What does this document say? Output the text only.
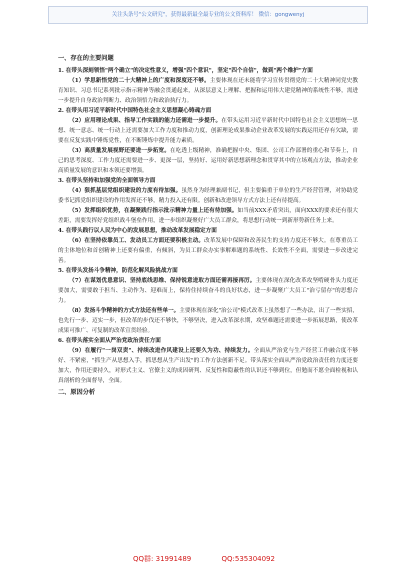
关注头条号"公文研究"，获得最新最全最专业的公文资料库！ 微信：gongwenyj
一、存在的主要问题
1. 在带头深刻领悟"两个确立"的决定性意义，增强"四个意识"，坚定"四个自信"，做到"两个维护"方面

（1）学思新悟党的二十大精神上的广度和深度还不够。主要体现在还未能将学习宣传贯彻党的二十大精神同党史教育知识、习总书记系列批示指示精神等融会贯通起来，从深层意义上理解、把握和运用伟大建党精神的系统性不够，需进一步提升自身政治判断力、政治领悟力和政治执行力。

2. 在带头用习近平新时代中国特色社会主义思想凝心铸魂方面

（2）应用理论成果、指导工作实践的能力还需进一步提升。在带头运用习近平新时代中国特色社会主义思想统一思想、统一意志、统一行动上还需要加大工作力度和推动力度，创新理论成果推动企业改革发展的实践运用还存有欠缺，需要在反复实践中锤炼党性，在不断锤炼中提升能力素质。

（3）高质量发展视野还要进一步拓宽。在吃透上级精神，准确把握中央、集团、公司工作部署的重心和节奏上，自己的思考深度、工作力度还需要进一步、更深一层，坚持好、运用好新思想新理念和贯穿其中的立场观点方法，推动企业高质量发展的意识和本领还要增强。

3. 在带头坚持和加强党的全面领导方面

（4）狠抓基层党组织建设的力度有待加强。虽然身为经理兼副书记，但主要偏重于单位的生产经营管理，对协助党委书记抓党组织建设的作用发挥还不够，精力投入还有限。创新和改进领导方式方法上还有待提高。

（5）发挥组织优势，在凝聚践行指示批示精神力量上还有待加强。如当前XXX矛盾突出，面向XXX的要求还有很大差距，需要发挥好党组织战斗堡垒作用，进一步组织凝聚好广大员工群众，将思想行动统一到新形势新任务上来。

4. 在带头践行以人民为中心的发展思想，推动改革发展稳定方面

（6）在坚持依靠员工、发动员工方面还要积极主动。改革发展中保障和改善民生的支持力度还不够大。在尊重员工的主体地位和首创精神上还要有偏重，有倾斜，为员工群众办实事解难题的系统性、长效性不全面，需要进一步改进完善。

5. 在带头发扬斗争精神，防范化解风险挑战方面

（7）在谋划优患意识、坚持底线思维、保持锐意进取方面还需再接再厉。主要体现在深化改革攻坚啃硬骨头力度还要加大，需要敢于担当、主动作为、迎难而上，保持住持续奋斗的良好状态，进一步凝聚广大员工"治亏留存"的思想合力。

（8）发扬斗争精神的方式方法还有些单一。主要体现在深化"治公司"模式改革上虽然想了一些办法，出了一些实招，也先行一步、迈实一步，但改革的步伐还不够快，不够坚决，进入改革深水期，攻坚难题还需要进一步拓展思路，使改革成果可推广、可复制的改革宣贯经验。

6. 在带头落实全面从严治党政治责任方面

（9）在履行"一岗双责"、持续改进作风建设上还要久为功、持续发力。全面从严治党与生产经营工作融合度不够好、不紧密，"抓生产从思想入手，抓思想从生产出发"的工作方法创新不足。带头落实全面从严治党政治责任的力度还要加大，作用还要持久，对形式主义、官僚主义的成因研判、反复性和隐蔽性的认识还不够到位，但勉而不愿全面检视和认真剖析的全面督导，全面。

二、原因分析
QQ群: 31991489	QQ:535304092
